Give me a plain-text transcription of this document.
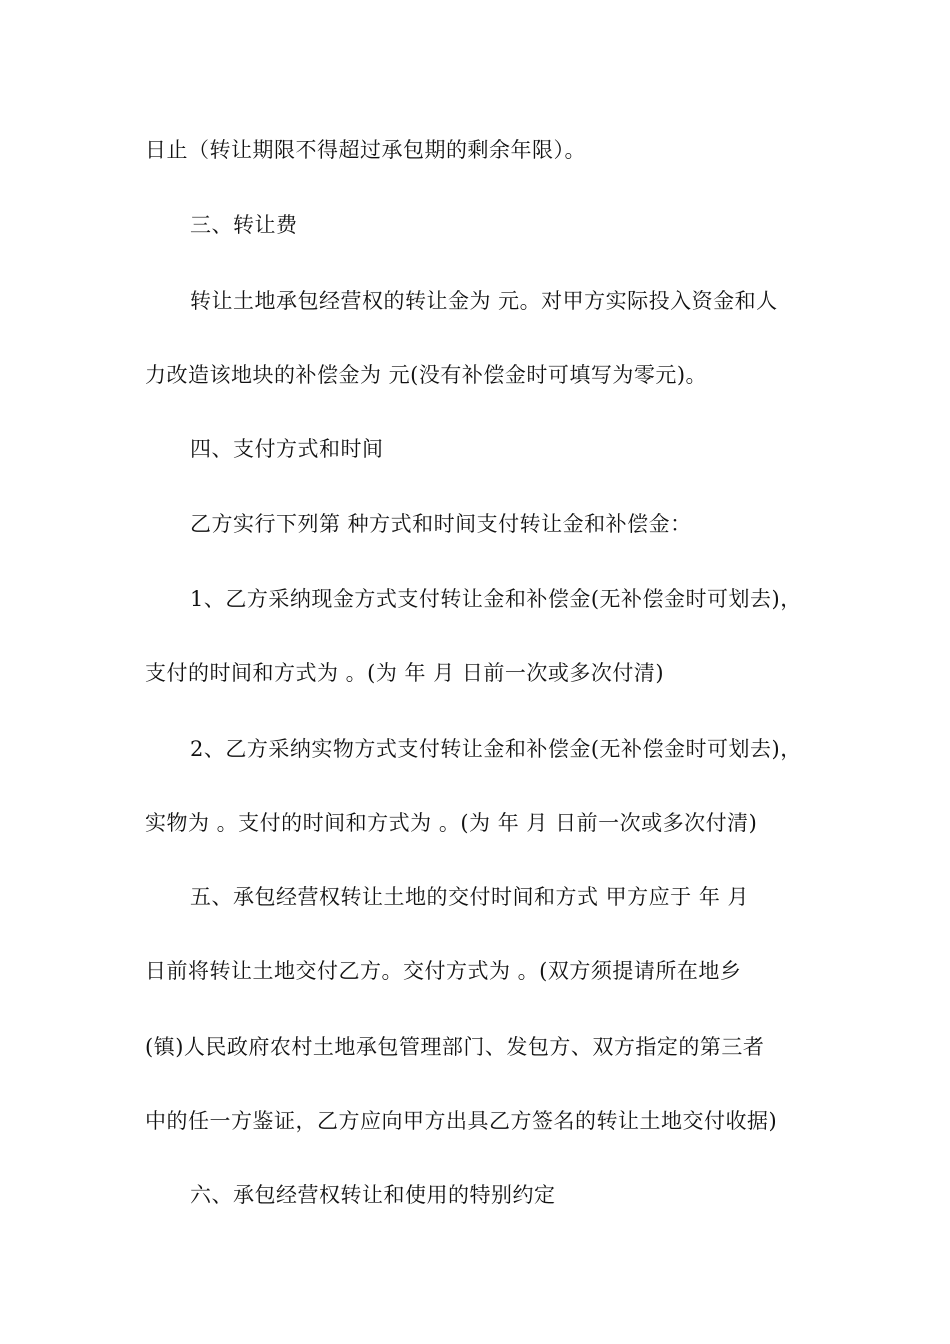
日止（转让期限不得超过承包期的剩余年限）。
三、转让费
转让土地承包经营权的转让金为 元。对甲方实际投入资金和人
力改造该地块的补偿金为 元(没有补偿金时可填写为零元)。
四、支付方式和时间
乙方实行下列第 种方式和时间支付转让金和补偿金：
1、乙方采纳现金方式支付转让金和补偿金(无补偿金时可划去)，
支付的时间和方式为 。(为 年 月 日前一次或多次付清)
2、乙方采纳实物方式支付转让金和补偿金(无补偿金时可划去)，
实物为 。支付的时间和方式为 。(为 年 月 日前一次或多次付清)
五、承包经营权转让土地的交付时间和方式 甲方应于 年 月
日前将转让土地交付乙方。交付方式为 。(双方须提请所在地乡
(镇)人民政府农村土地承包管理部门、发包方、双方指定的第三者
中的任一方鉴证，乙方应向甲方出具乙方签名的转让土地交付收据)
六、承包经营权转让和使用的特别约定
